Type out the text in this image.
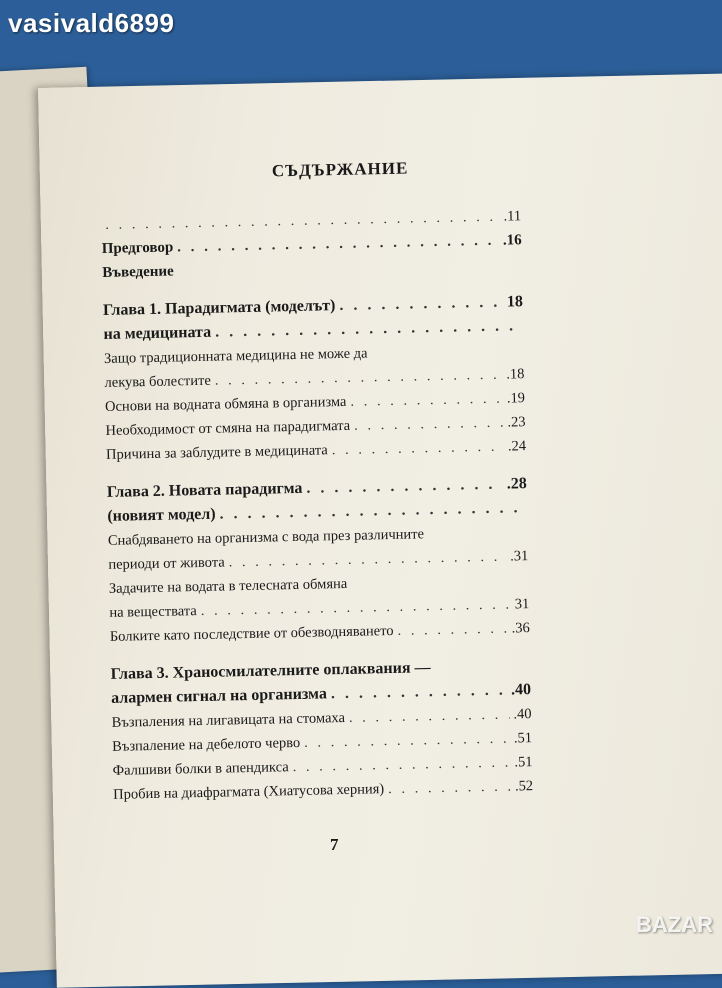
vasivald6899
СЪДЪРЖАНИЕ
. . .
.11
Предговор . . .	.16
Въведение
Глава 1. Парадигмата (моделът) . . .	18
на медицината
. . .
Защо традиционната медицина не може да
лекува болестите . . .	.18
Основи на водната обмяна в организма . . .	.19
Необходимост от смяна на парадигмата . . .	.23
Причина за заблудите в медицината . . .	.24
Глава 2. Новата парадигма . . .	.28
(новият модел)
. . .
Снабдяването на организма с вода през различните
периоди от живота . . .	.31
Задачите на водата в телесната обмяна
на веществата . . .	31
Болките като последствие от обезводняването . . .	.36
Глава 3. Храносмилателните оплаквания —
алармен сигнал на организма . . .	.40
Възпаления на лигавицата на стомаха . . .	.40
Възпаление на дебелото черво . . .	.51
Фалшиви болки в апендикса . . .	.51
Пробив на диафрагмата (Хиатусова херния) . . .	.52
7
BAZAR
